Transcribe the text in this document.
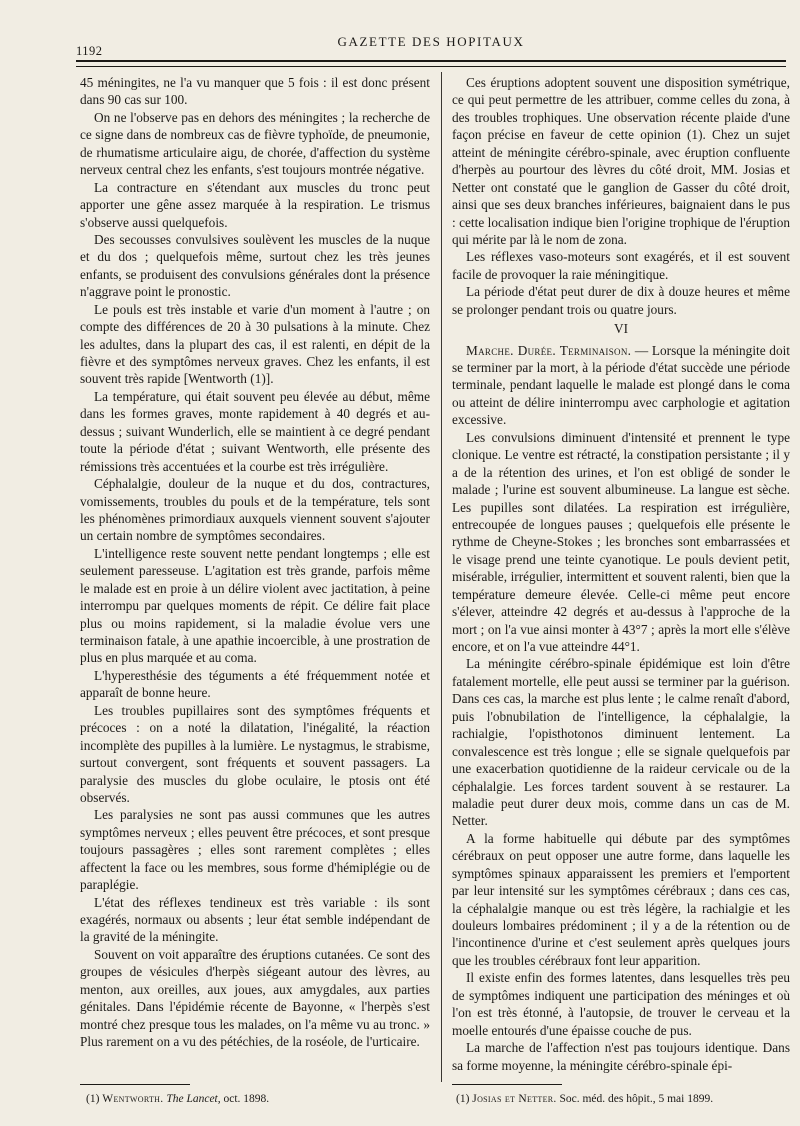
1192
GAZETTE DES HOPITAUX

45 méningites, ne l'a vu manquer que 5 fois : il est donc présent dans 90 cas sur 100.

On ne l'observe pas en dehors des méningites ; la recherche de ce signe dans de nombreux cas de fièvre typhoïde, de pneumonie, de rhumatisme articulaire aigu, de chorée, d'affection du système nerveux central chez les enfants, s'est toujours montrée négative.

La contracture en s'étendant aux muscles du tronc peut apporter une gêne assez marquée à la respiration. Le trismus s'observe aussi quelquefois.

Des secousses convulsives soulèvent les muscles de la nuque et du dos ; quelquefois même, surtout chez les très jeunes enfants, se produisent des convulsions générales dont la présence n'aggrave point le pronostic.

Le pouls est très instable et varie d'un moment à l'autre ; on compte des différences de 20 à 30 pulsations à la minute. Chez les adultes, dans la plupart des cas, il est ralenti, en dépit de la fièvre et des symptômes nerveux graves. Chez les enfants, il est souvent très rapide [Wentworth (1)].

La température, qui était souvent peu élevée au début, même dans les formes graves, monte rapidement à 40 degrés et au-dessus ; suivant Wunderlich, elle se maintient à ce degré pendant toute la période d'état ; suivant Wentworth, elle présente des rémissions très accentuées et la courbe est très irrégulière.

Céphalalgie, douleur de la nuque et du dos, contractures, vomissements, troubles du pouls et de la température, tels sont les phénomènes primordiaux auxquels viennent souvent s'ajouter un certain nombre de symptômes secondaires.

L'intelligence reste souvent nette pendant longtemps ; elle est seulement paresseuse. L'agitation est très grande, parfois même le malade est en proie à un délire violent avec jactitation, à peine interrompu par quelques moments de répit. Ce délire fait place plus ou moins rapidement, si la maladie évolue vers une terminaison fatale, à une apathie incoercible, à une prostration de plus en plus marquée et au coma.

L'hyperesthésie des téguments a été fréquemment notée et apparaît de bonne heure.

Les troubles pupillaires sont des symptômes fréquents et précoces : on a noté la dilatation, l'inégalité, la réaction incomplète des pupilles à la lumière. Le nystagmus, le strabisme, surtout convergent, sont fréquents et souvent passagers. La paralysie des muscles du globe oculaire, le ptosis ont été observés.

Les paralysies ne sont pas aussi communes que les autres symptômes nerveux ; elles peuvent être précoces, et sont presque toujours passagères ; elles sont rarement complètes ; elles affectent la face ou les membres, sous forme d'hémiplégie ou de paraplégie.

L'état des réflexes tendineux est très variable : ils sont exagérés, normaux ou absents ; leur état semble indépendant de la gravité de la méningite.

Souvent on voit apparaître des éruptions cutanées. Ce sont des groupes de vésicules d'herpès siégeant autour des lèvres, au menton, aux oreilles, aux joues, aux amygdales, aux parties génitales. Dans l'épidémie récente de Bayonne, « l'herpès s'est montré chez presque tous les malades, on l'a même vu au tronc. » Plus rarement on a vu des pétéchies, de la roséole, de l'urticaire.

Ces éruptions adoptent souvent une disposition symétrique, ce qui peut permettre de les attribuer, comme celles du zona, à des troubles trophiques. Une observation récente plaide d'une façon précise en faveur de cette opinion (1). Chez un sujet atteint de méningite cérébro-spinale, avec éruption confluente d'herpès au pourtour des lèvres du côté droit, MM. Josias et Netter ont constaté que le ganglion de Gasser du côté droit, ainsi que ses deux branches inférieures, baignaient dans le pus : cette localisation indique bien l'origine trophique de l'éruption qui mérite par là le nom de zona.

Les réflexes vaso-moteurs sont exagérés, et il est souvent facile de provoquer la raie méningitique.

La période d'état peut durer de dix à douze heures et même se prolonger pendant trois ou quatre jours.

VI

Marche. Durée. Terminaison. — Lorsque la méningite doit se terminer par la mort, à la période d'état succède une période terminale, pendant laquelle le malade est plongé dans le coma ou atteint de délire ininterrompu avec carphologie et agitation excessive.

Les convulsions diminuent d'intensité et prennent le type clonique. Le ventre est rétracté, la constipation persistante ; il y a de la rétention des urines, et l'on est obligé de sonder le malade ; l'urine est souvent albumineuse. La langue est sèche. Les pupilles sont dilatées. La respiration est irrégulière, entrecoupée de longues pauses ; quelquefois elle présente le rythme de Cheyne-Stokes ; les bronches sont embarrassées et le visage prend une teinte cyanotique. Le pouls devient petit, misérable, irrégulier, intermittent et souvent ralenti, bien que la température demeure élevée. Celle-ci même peut encore s'élever, atteindre 42 degrés et au-dessus à l'approche de la mort ; on l'a vue ainsi monter à 43°7 ; après la mort elle s'élève encore, et on l'a vue atteindre 44°1.

La méningite cérébro-spinale épidémique est loin d'être fatalement mortelle, elle peut aussi se terminer par la guérison. Dans ces cas, la marche est plus lente ; le calme renaît d'abord, puis l'obnubilation de l'intelligence, la céphalalgie, la rachialgie, l'opisthotonos diminuent lentement. La convalescence est très longue ; elle se signale quelquefois par une exacerbation quotidienne de la raideur cervicale ou de la céphalalgie. Les forces tardent souvent à se restaurer. La maladie peut durer deux mois, comme dans un cas de M. Netter.

A la forme habituelle qui débute par des symptômes cérébraux on peut opposer une autre forme, dans laquelle les symptômes spinaux apparaissent les premiers et l'emportent par leur intensité sur les symptômes cérébraux ; dans ces cas, la céphalalgie manque ou est très légère, la rachialgie et les douleurs lombaires prédominent ; il y a de la rétention ou de l'incontinence d'urine et c'est seulement après quelques jours que les troubles cérébraux font leur apparition.

Il existe enfin des formes latentes, dans lesquelles très peu de symptômes indiquent une participation des méninges et où l'on est très étonné, à l'autopsie, de trouver le cerveau et la moelle entourés d'une épaisse couche de pus.

La marche de l'affection n'est pas toujours identique. Dans sa forme moyenne, la méningite cérébro-spinale épi-

(1) Wentworth. The Lancet, oct. 1898.	(1) Josias et Netter. Soc. méd. des hôpit., 5 mai 1899.
